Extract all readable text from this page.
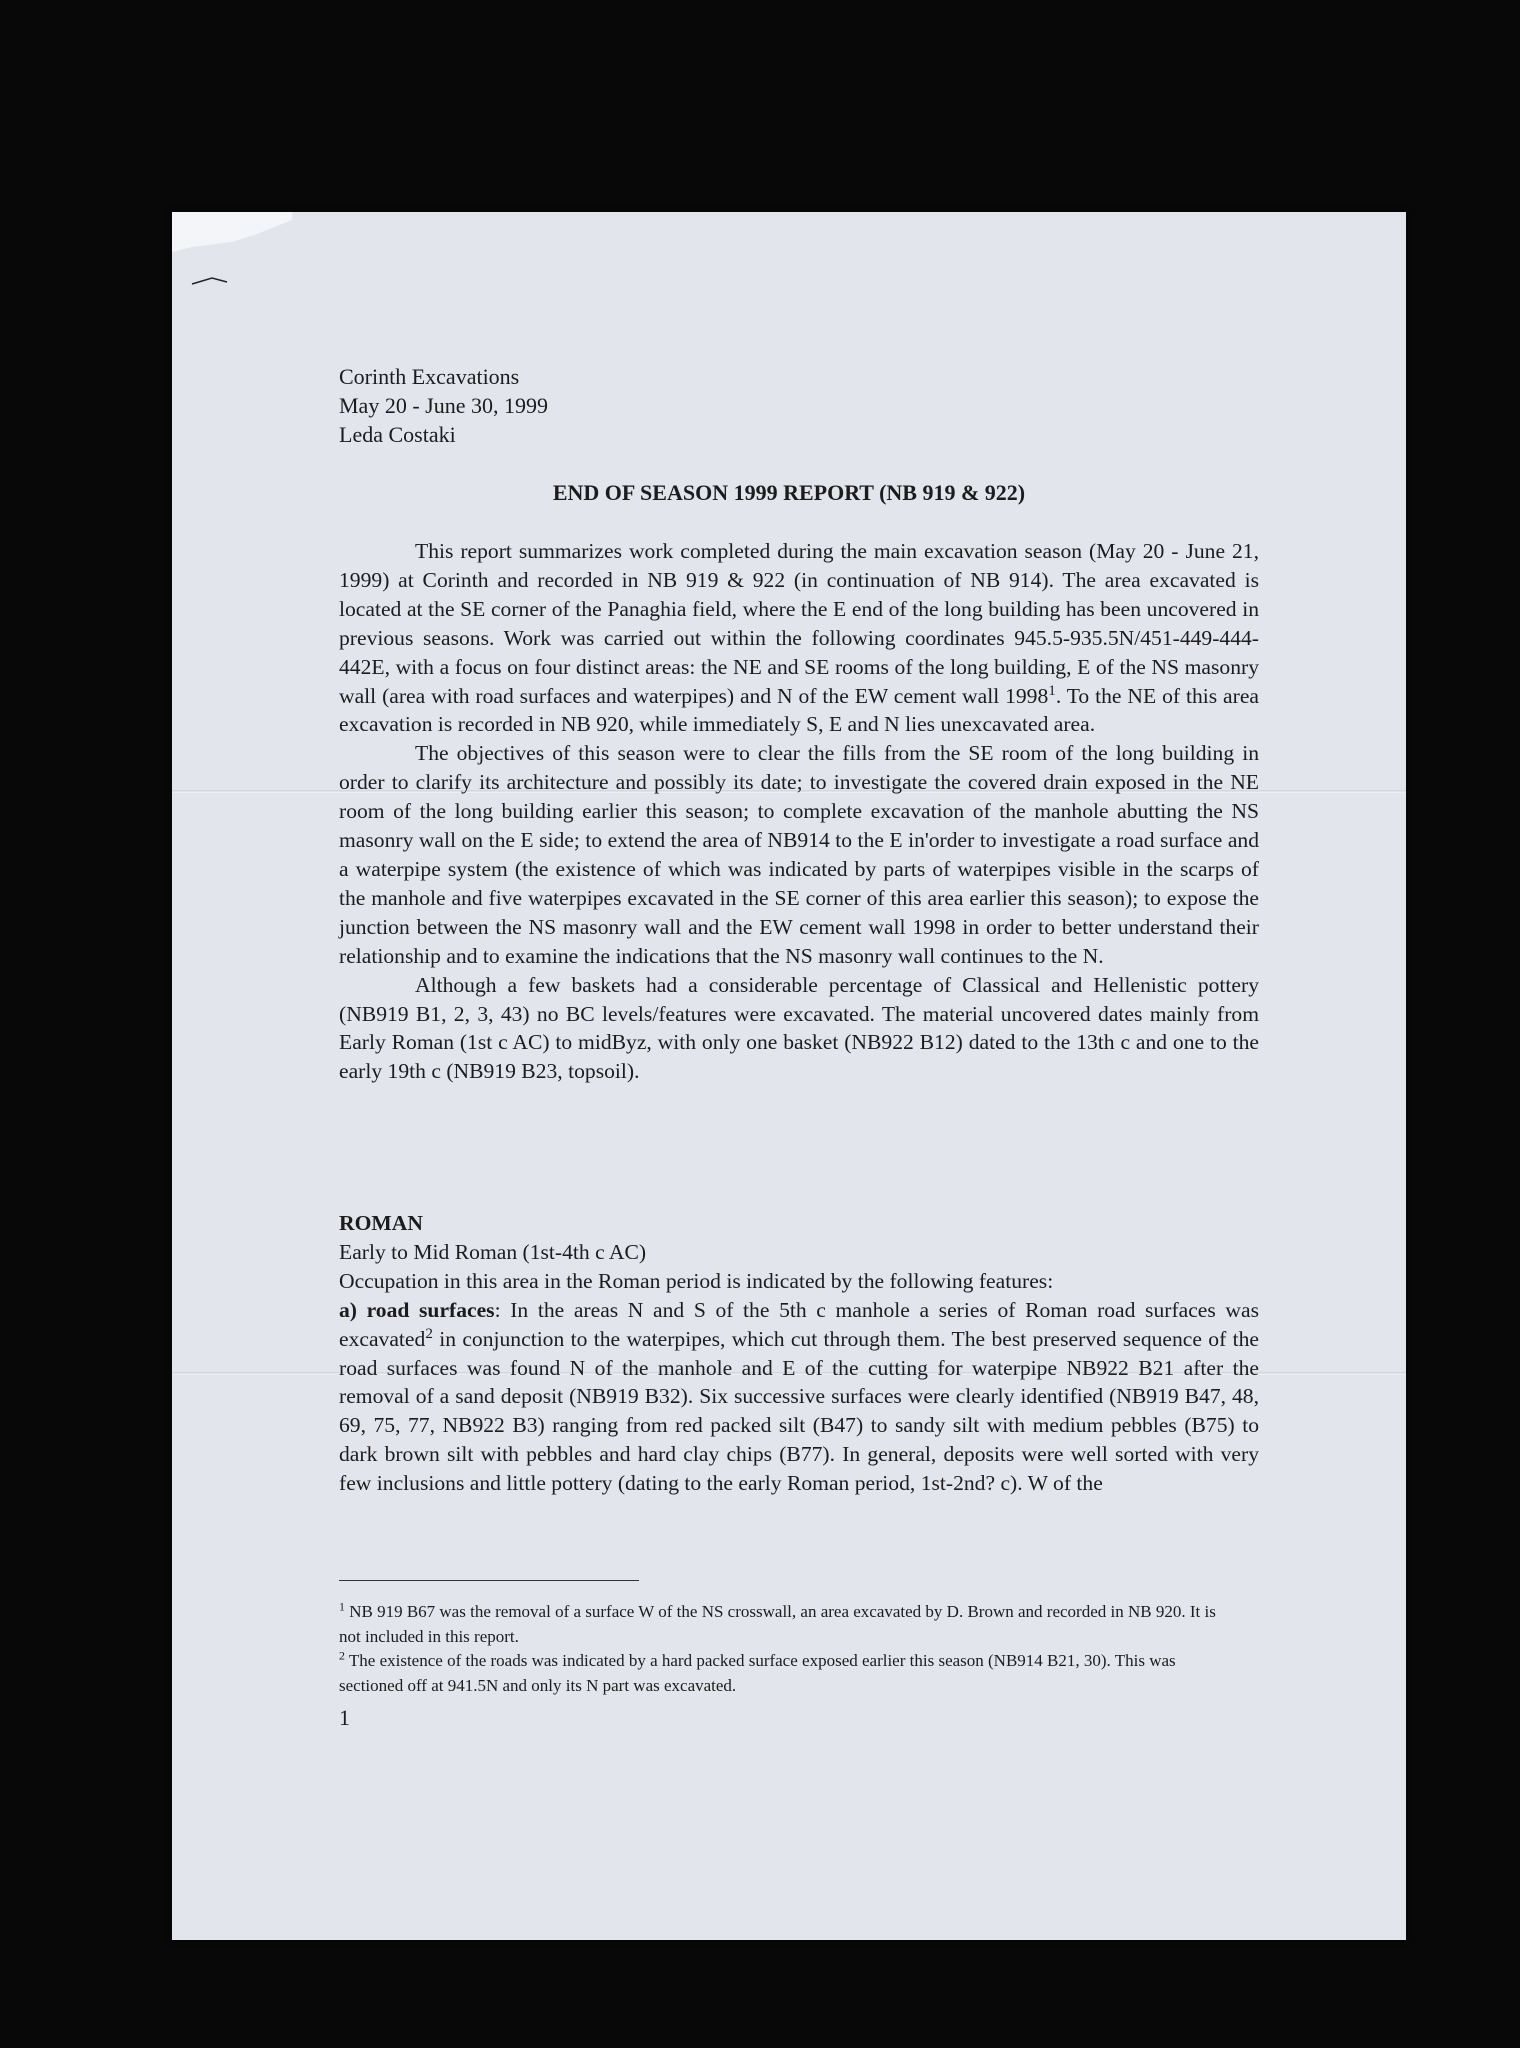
Corinth Excavations
May 20 - June 30, 1999
Leda Costaki
END OF SEASON 1999 REPORT (NB 919 & 922)

This report summarizes work completed during the main excavation season (May 20 - June 21, 1999) at Corinth and recorded in NB 919 & 922 (in continuation of NB 914). The area excavated is located at the SE corner of the Panaghia field, where the E end of the long building has been uncovered in previous seasons. Work was carried out within the following coordinates 945.5-935.5N/451-449-444-442E, with a focus on four distinct areas: the NE and SE rooms of the long building, E of the NS masonry wall (area with road surfaces and waterpipes) and N of the EW cement wall 1998$^1$. To the NE of this area excavation is recorded in NB 920, while immediately S, E and N lies unexcavated area.

The objectives of this season were to clear the fills from the SE room of the long building in order to clarify its architecture and possibly its date; to investigate the covered drain exposed in the NE room of the long building earlier this season; to complete excavation of the manhole abutting the NS masonry wall on the E side; to extend the area of NB914 to the E in'order to investigate a road surface and a waterpipe system (the existence of which was indicated by parts of waterpipes visible in the scarps of the manhole and five waterpipes excavated in the SE corner of this area earlier this season); to expose the junction between the NS masonry wall and the EW cement wall 1998 in order to better understand their relationship and to examine the indications that the NS masonry wall continues to the N.

Although a few baskets had a considerable percentage of Classical and Hellenistic pottery (NB919 B1, 2, 3, 43) no BC levels/features were excavated. The material uncovered dates mainly from Early Roman (1st c AC) to midByz, with only one basket (NB922 B12) dated to the 13th c and one to the early 19th c (NB919 B23, topsoil).

ROMAN

Early to Mid Roman (1st-4th c AC)

Occupation in this area in the Roman period is indicated by the following features:

a) road surfaces: In the areas N and S of the 5th c manhole a series of Roman road surfaces was excavated$^2$ in conjunction to the waterpipes, which cut through them. The best preserved sequence of the road surfaces was found N of the manhole and E of the cutting for waterpipe NB922 B21 after the removal of a sand deposit (NB919 B32). Six successive surfaces were clearly identified (NB919 B47, 48, 69, 75, 77, NB922 B3) ranging from red packed silt (B47) to sandy silt with medium pebbles (B75) to dark brown silt with pebbles and hard clay chips (B77). In general, deposits were well sorted with very few inclusions and little pottery (dating to the early Roman period, 1st-2nd? c). W of the

$^1$ NB 919 B67 was the removal of a surface W of the NS crosswall, an area excavated by D. Brown and recorded in NB 920. It is not included in this report.

$^2$ The existence of the roads was indicated by a hard packed surface exposed earlier this season (NB914 B21, 30). This was sectioned off at 941.5N and only its N part was excavated.

1
